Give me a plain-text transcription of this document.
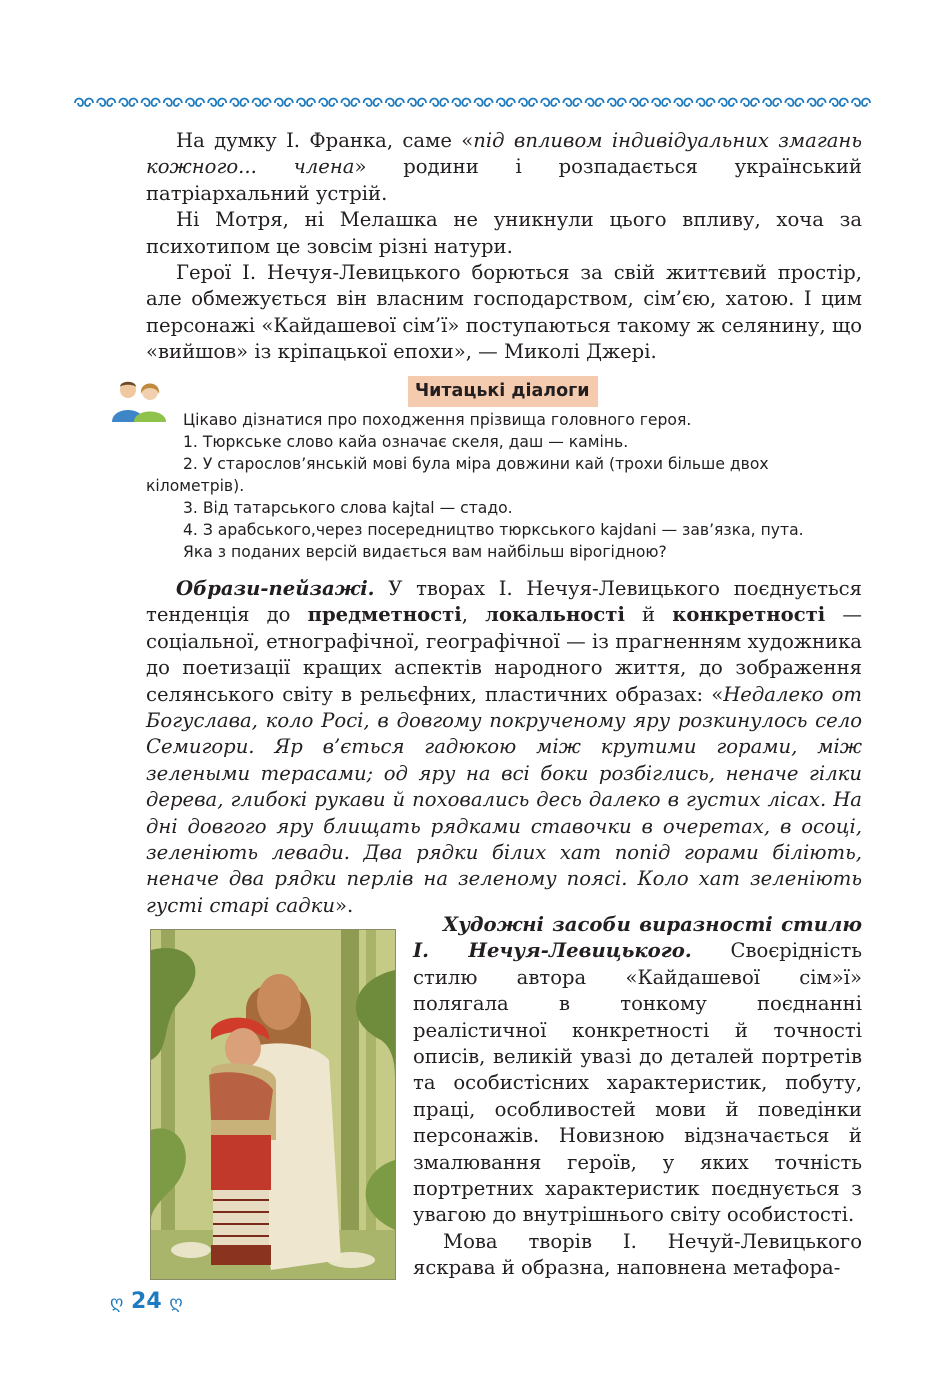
На думку І. Франка, саме «під впливом індивідуальних змагань кожного... члена» родини і розпадається український патріархальний устрій.

Ні Мотря, ні Мелашка не уникнули цього впливу, хоча за психотипом це зовсім різні натури.

Герої І. Нечуя-Левицького борються за свій життєвий простір, але обмежується він власним господарством, сім’єю, хатою. І цим персонажі «Кайдашевої сім’ї» поступаються такому ж селянину, що «вийшов» із кріпацької епохи», — Миколі Джері.

Читацькі діалоги
Цікаво дізнатися про походження прізвища головного героя.
1. Тюркське слово кайа означає скеля, даш — камінь.
2. У старослов’янській мові була міра довжини кай (трохи більше двох кілометрів).
3. Від татарського слова kajtal — стадо.
4. З арабського,через посередництво тюркського kajdani — зав’язка, пута.
Яка з поданих версій видається вам найбільш вірогідною?

Образи-пейзажі. У творах І. Нечуя-Левицького поєднується тенденція до предметності, локальності й конкретності — соціальної, етнографічної, географічної — із прагненням художника до поетизації кращих аспектів народного життя, до зображення селянського світу в рельєфних, пластичних образах: «Недалеко от Богуслава, коло Росі, в довгому покрученому яру розкинулось село Семигори. Яр в’ється гадюкою між крутими горами, між зелеными терасами; од яру на всі боки розбіглись, неначе гілки дерева, глибокі рукави й поховались десь далеко в густих лісах. На дні довгого яру блищать рядками ставочки в очеретах, в осоці, зеленіють левади. Два рядки білих хат попід горами біліють, неначе два рядки перлів на зеленому поясі. Коло хат зеленіють густі старі садки».

Художні засоби виразності стилю І. Нечуя-Левицького. Своєрідність стилю автора «Кайдашевої сім»ї» полягала в тонкому поєднанні реалістичної конкретності й точності описів, великій увазі до деталей портретів та особистісних характеристик, побуту, праці, особливостей мови й поведінки персонажів. Новизною відзначається й змалювання героїв, у яких точність портретних характеристик поєднується з увагою до внутрішнього світу особистості.

Мова творів І. Нечуй-Левицького яскрава й образна, наповнена метафора-

ღ 24 ღ
